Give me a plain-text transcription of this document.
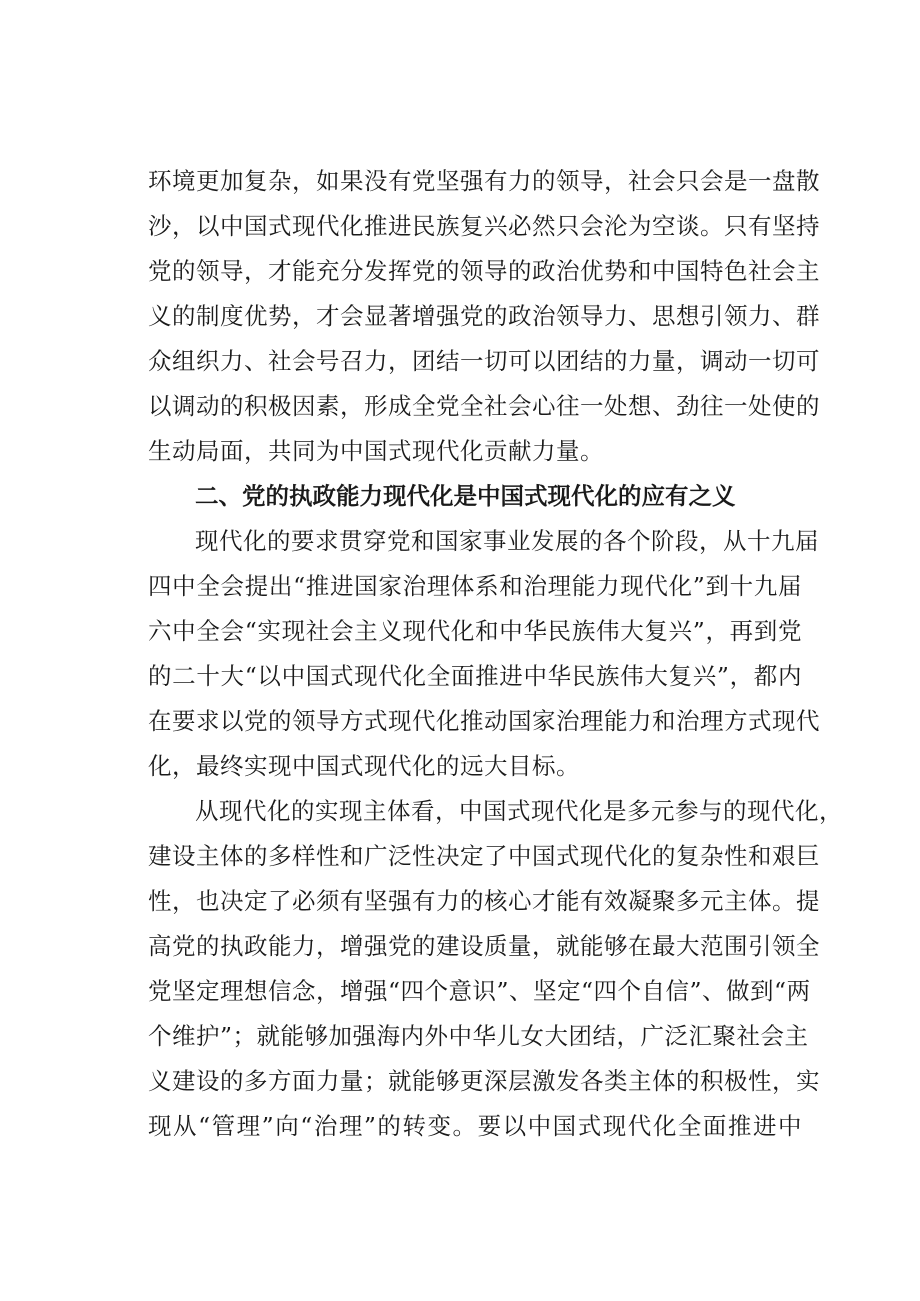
环境更加复杂，如果没有党坚强有力的领导，社会只会是一盘散
沙，以中国式现代化推进民族复兴必然只会沦为空谈。只有坚持
党的领导，才能充分发挥党的领导的政治优势和中国特色社会主
义的制度优势，才会显著增强党的政治领导力、思想引领力、群
众组织力、社会号召力，团结一切可以团结的力量，调动一切可
以调动的积极因素，形成全党全社会心往一处想、劲往一处使的
生动局面，共同为中国式现代化贡献力量。
二、党的执政能力现代化是中国式现代化的应有之义
现代化的要求贯穿党和国家事业发展的各个阶段，从十九届
四中全会提出“推进国家治理体系和治理能力现代化”到十九届
六中全会“实现社会主义现代化和中华民族伟大复兴”，再到党
的二十大“以中国式现代化全面推进中华民族伟大复兴”，都内
在要求以党的领导方式现代化推动国家治理能力和治理方式现代
化，最终实现中国式现代化的远大目标。
从现代化的实现主体看，中国式现代化是多元参与的现代化，
建设主体的多样性和广泛性决定了中国式现代化的复杂性和艰巨
性，也决定了必须有坚强有力的核心才能有效凝聚多元主体。提
高党的执政能力，增强党的建设质量，就能够在最大范围引领全
党坚定理想信念，增强“四个意识”、坚定“四个自信”、做到“两
个维护”；就能够加强海内外中华儿女大团结，广泛汇聚社会主
义建设的多方面力量；就能够更深层激发各类主体的积极性，实
现从“管理”向“治理”的转变。要以中国式现代化全面推进中
